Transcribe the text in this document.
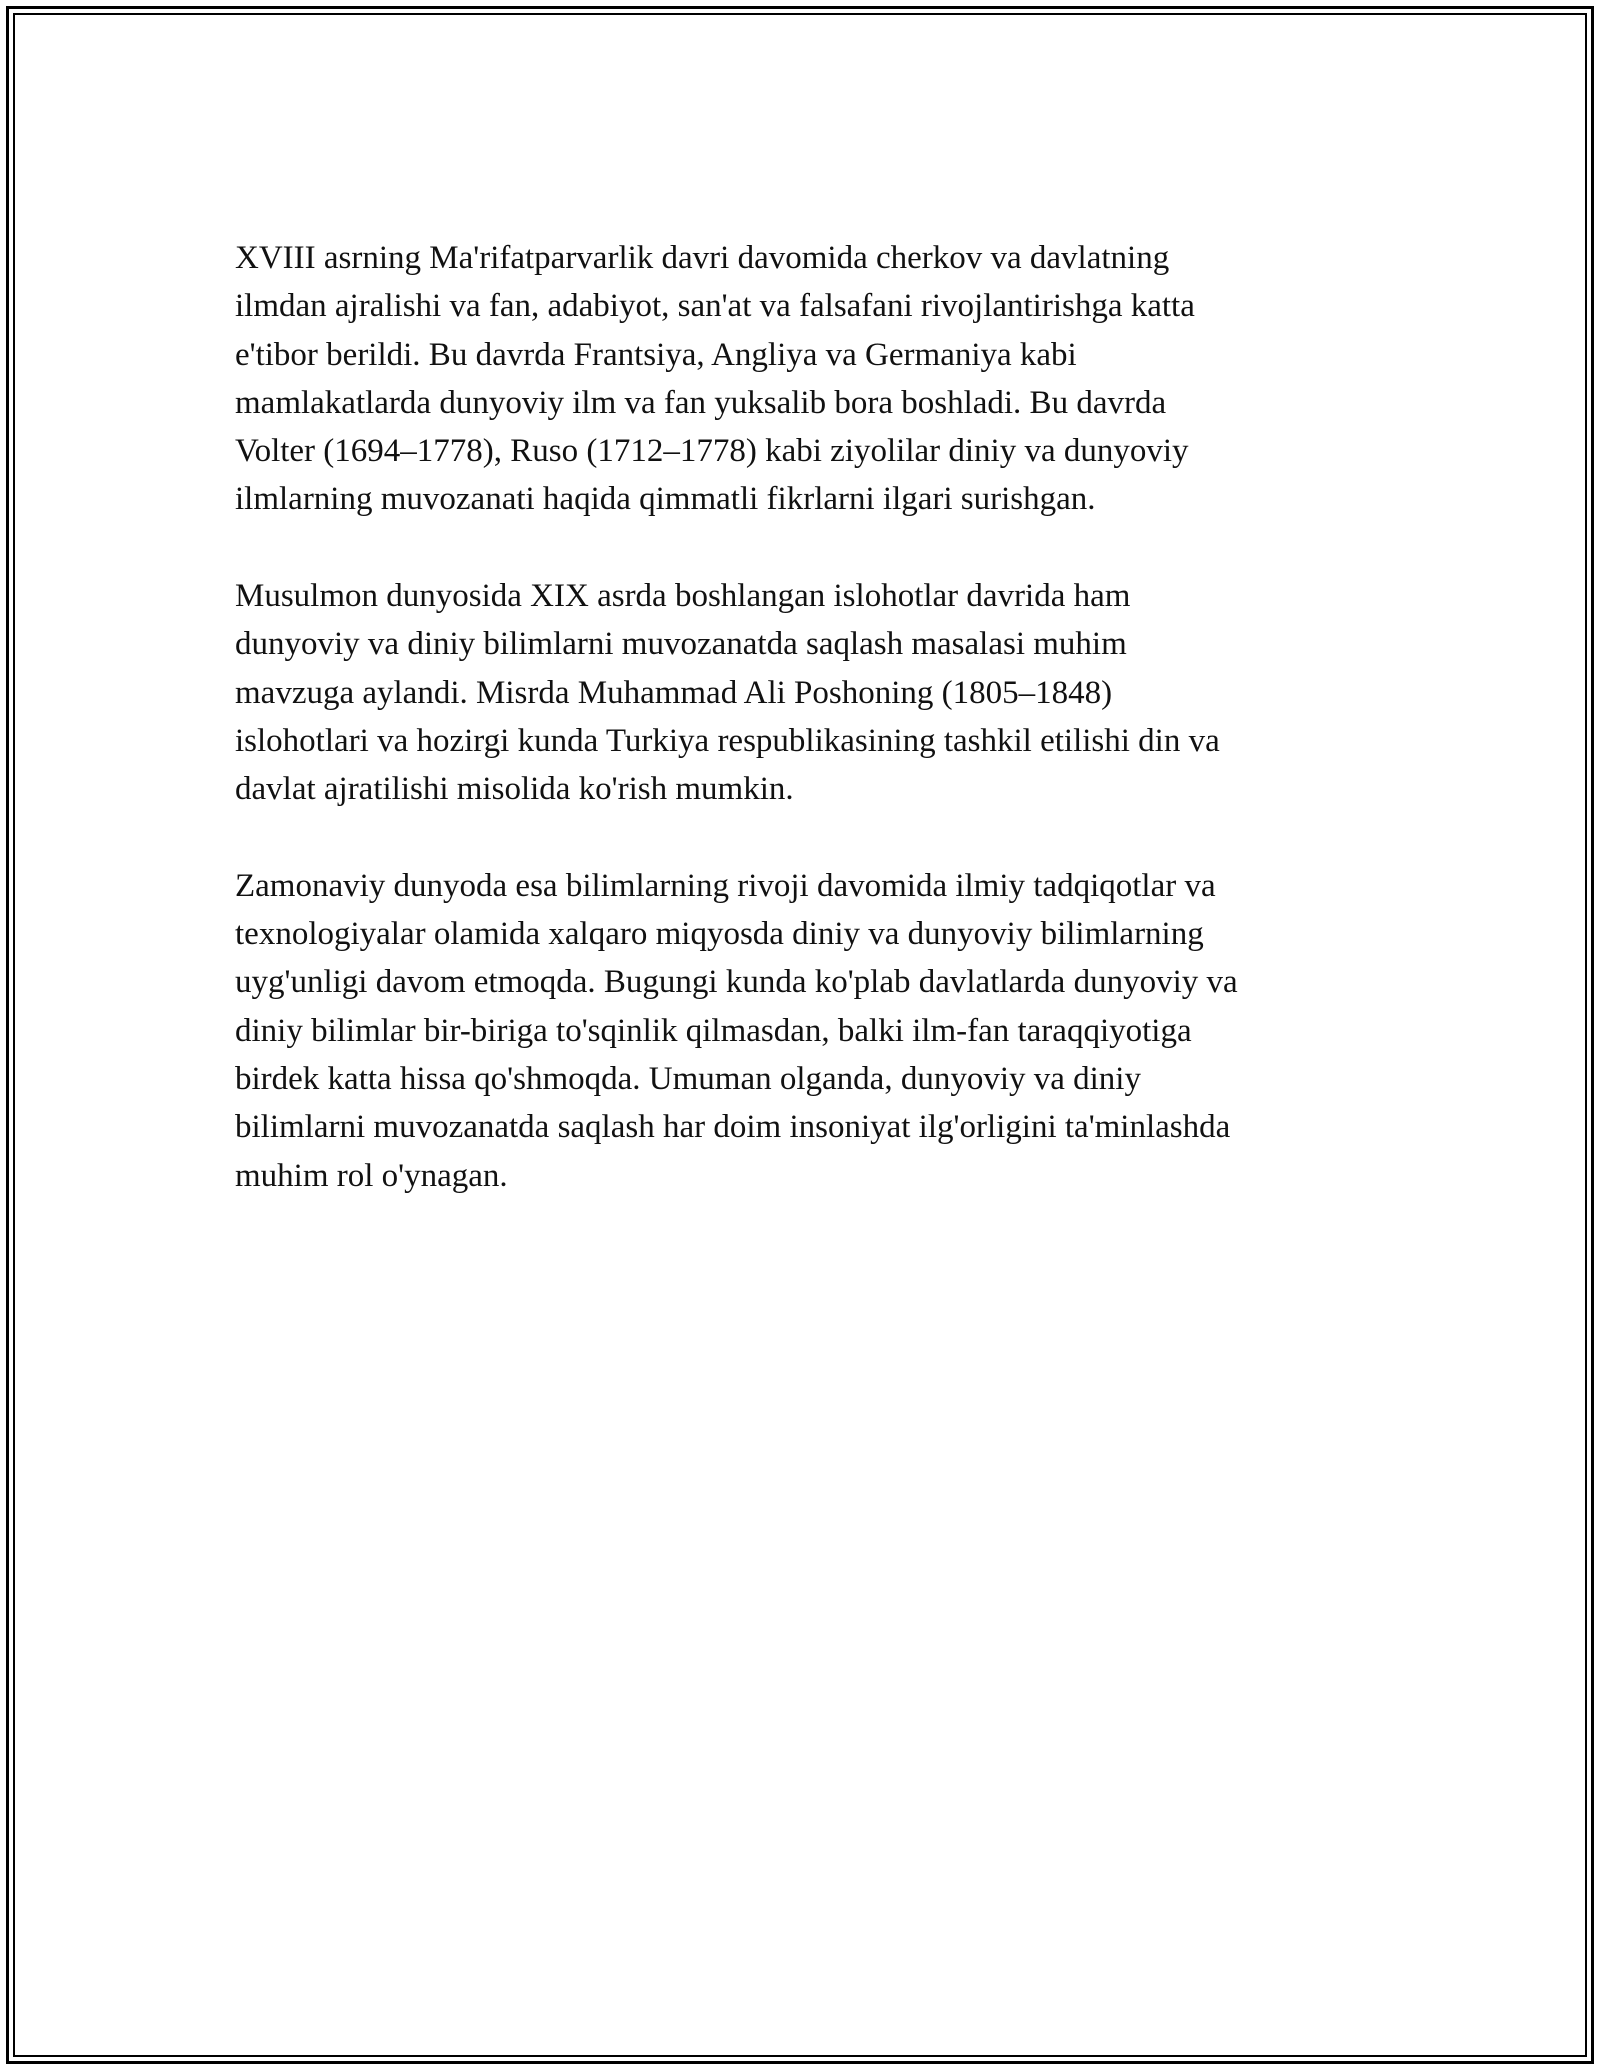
XVIII asrning Ma'rifatparvarlik davri davomida cherkov va davlatning
ilmdan ajralishi va fan, adabiyot, san'at va falsafani rivojlantirishga katta
e'tibor berildi. Bu davrda Frantsiya, Angliya va Germaniya kabi
mamlakatlarda dunyoviy ilm va fan yuksalib bora boshladi. Bu davrda
Volter (1694–1778), Ruso (1712–1778) kabi ziyolilar diniy va dunyoviy
ilmlarning muvozanati haqida qimmatli fikrlarni ilgari surishgan.

Musulmon dunyosida XIX asrda boshlangan islohotlar davrida ham
dunyoviy va diniy bilimlarni muvozanatda saqlash masalasi muhim
mavzuga aylandi. Misrda Muhammad Ali Poshoning (1805–1848)
islohotlari va hozirgi kunda Turkiya respublikasining tashkil etilishi din va
davlat ajratilishi misolida ko'rish mumkin.

Zamonaviy dunyoda esa bilimlarning rivoji davomida ilmiy tadqiqotlar va
texnologiyalar olamida xalqaro miqyosda diniy va dunyoviy bilimlarning
uyg'unligi davom etmoqda. Bugungi kunda ko'plab davlatlarda dunyoviy va
diniy bilimlar bir-biriga to'sqinlik qilmasdan, balki ilm-fan taraqqiyotiga
birdek katta hissa qo'shmoqda. Umuman olganda, dunyoviy va diniy
bilimlarni muvozanatda saqlash har doim insoniyat ilg'orligini ta'minlashda
muhim rol o'ynagan.
